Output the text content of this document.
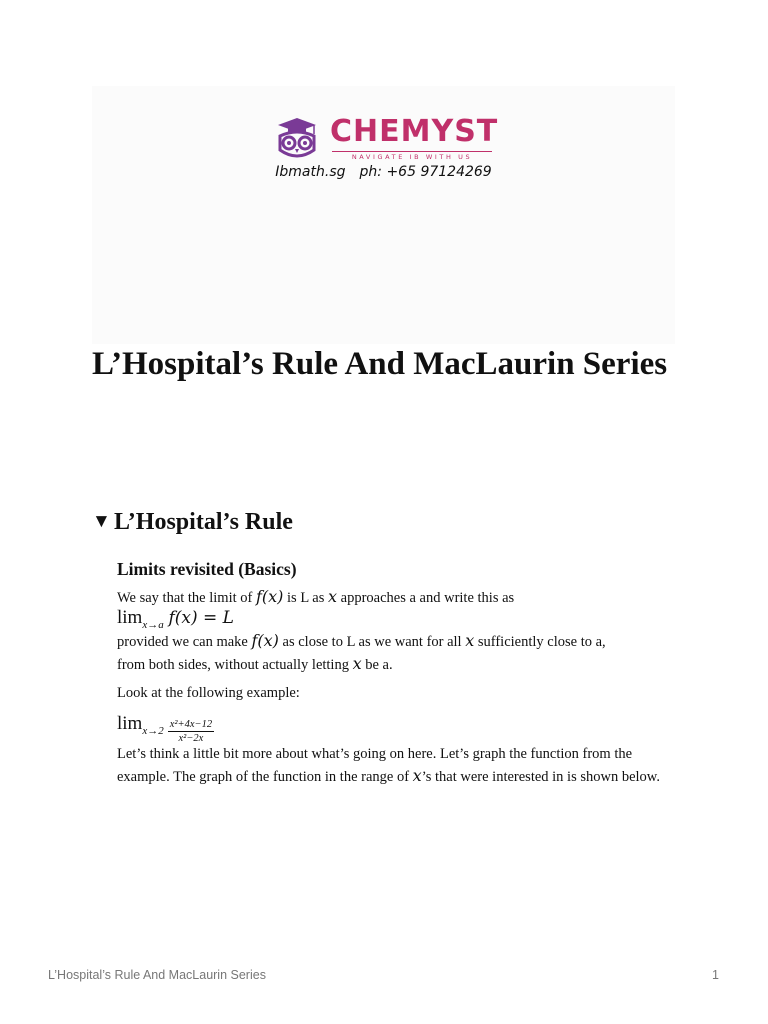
CHEMYST
NAVIGATE IB WITH US
Ibmath.sg ph: +65 97124269
L’Hospital’s Rule And MacLaurin Series
▼ L’Hospital’s Rule
Limits revisited (Basics)

We say that the limit of f(x) is L as x approaches a and write this as

$\lim_{x\to a} f(x) = L$

provided we can make f(x) as close to L as we want for all x sufficiently close to a,
from both sides, without actually letting x be a.

Look at the following example:

$\lim_{x\to 2} \frac{\text{x²+4x−12}}{\text{x²−2x}}$

Let’s think a little bit more about what’s going on here. Let’s graph the function from the example. The graph of the function in the range of x’s that were interested in is shown below.

L’Hospital’s Rule And MacLaurin Series	1
